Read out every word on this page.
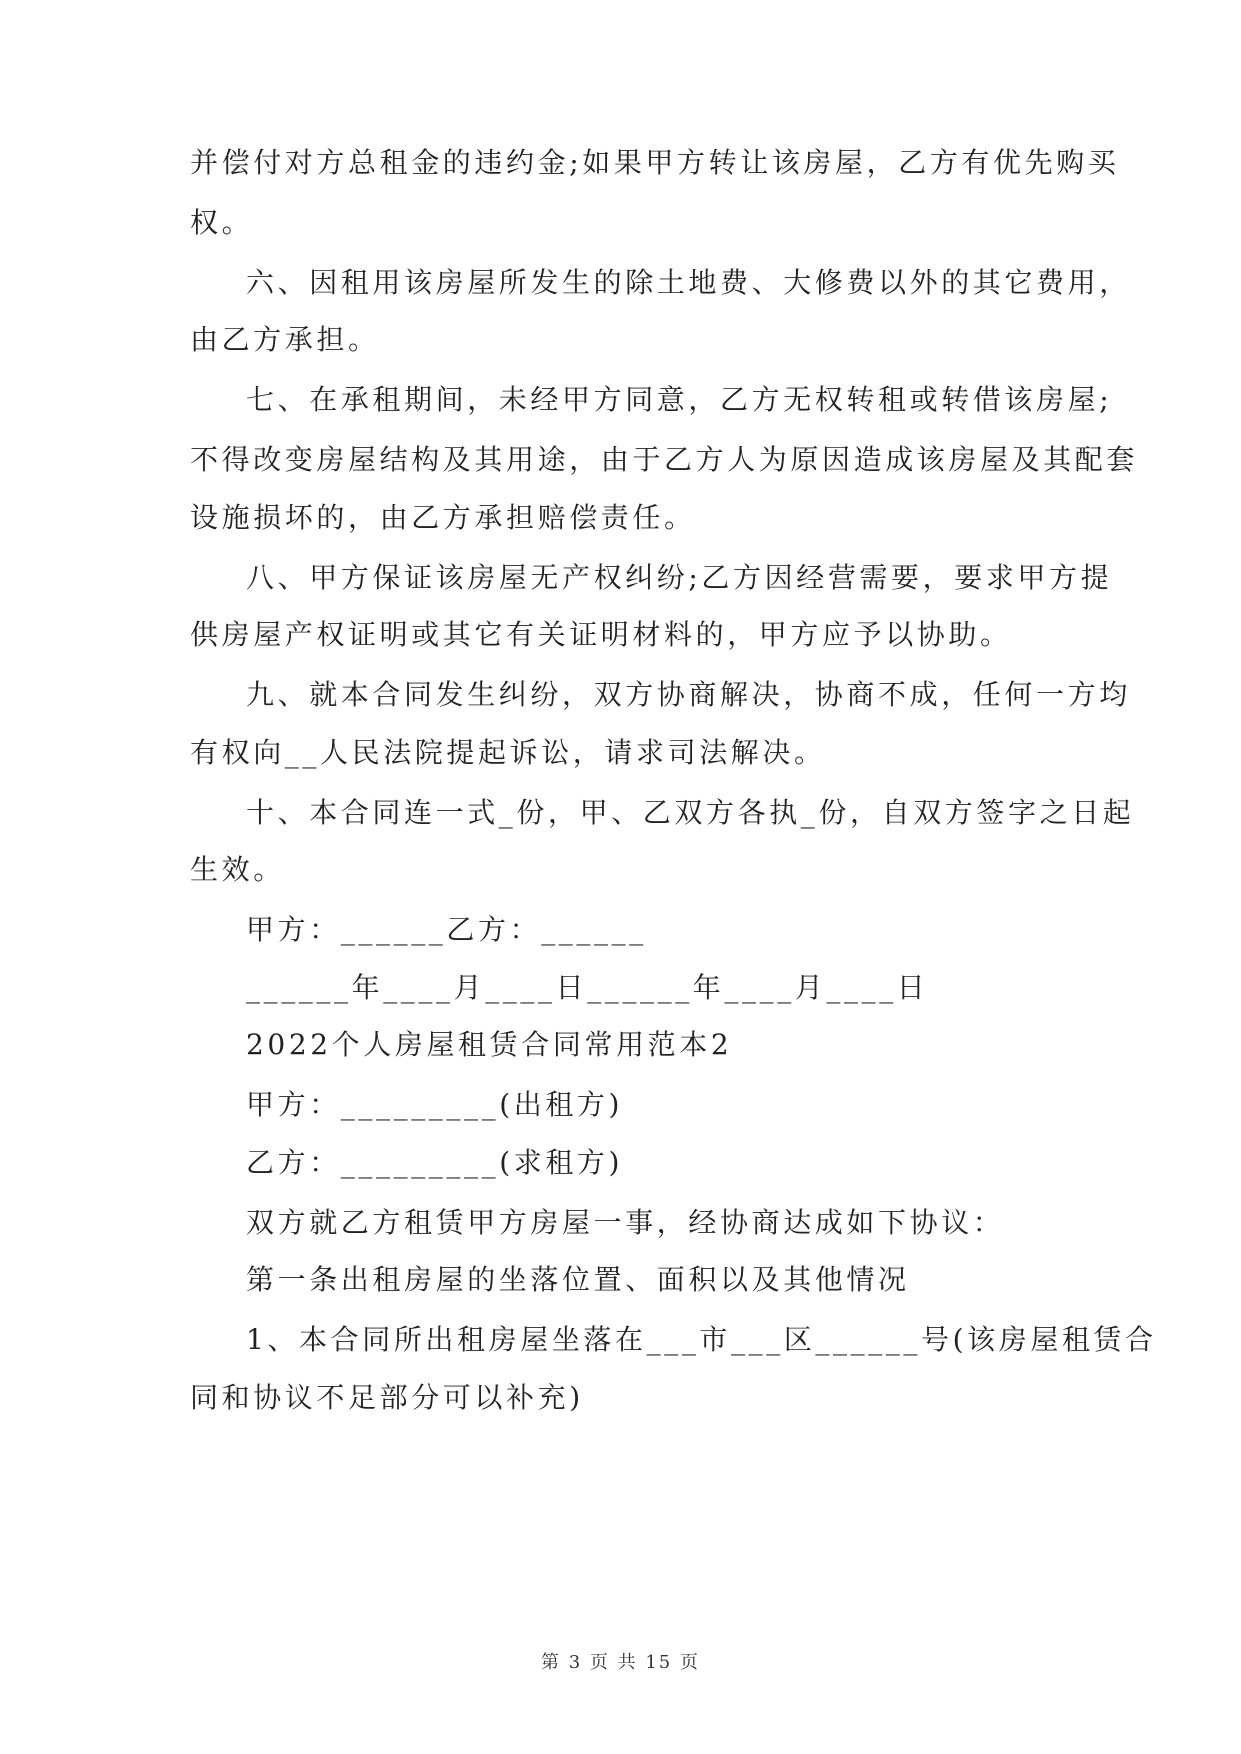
并偿付对方总租金的违约金;如果甲方转让该房屋，乙方有优先购买
权。
六、因租用该房屋所发生的除土地费、大修费以外的其它费用，
由乙方承担。
七、在承租期间，未经甲方同意，乙方无权转租或转借该房屋;
不得改变房屋结构及其用途，由于乙方人为原因造成该房屋及其配套
设施损坏的，由乙方承担赔偿责任。
八、甲方保证该房屋无产权纠纷;乙方因经营需要，要求甲方提
供房屋产权证明或其它有关证明材料的，甲方应予以协助。
九、就本合同发生纠纷，双方协商解决，协商不成，任何一方均
有权向__人民法院提起诉讼，请求司法解决。
十、本合同连一式_份，甲、乙双方各执_份，自双方签字之日起
生效。
甲方：______乙方：______
______年____月____日______年____月____日
2022个人房屋租赁合同常用范本2
甲方：_________(出租方)
乙方：_________(求租方)
双方就乙方租赁甲方房屋一事，经协商达成如下协议：
第一条出租房屋的坐落位置、面积以及其他情况
1、本合同所出租房屋坐落在___市___区______号(该房屋租赁合
同和协议不足部分可以补充)
第 3 页 共 15 页
